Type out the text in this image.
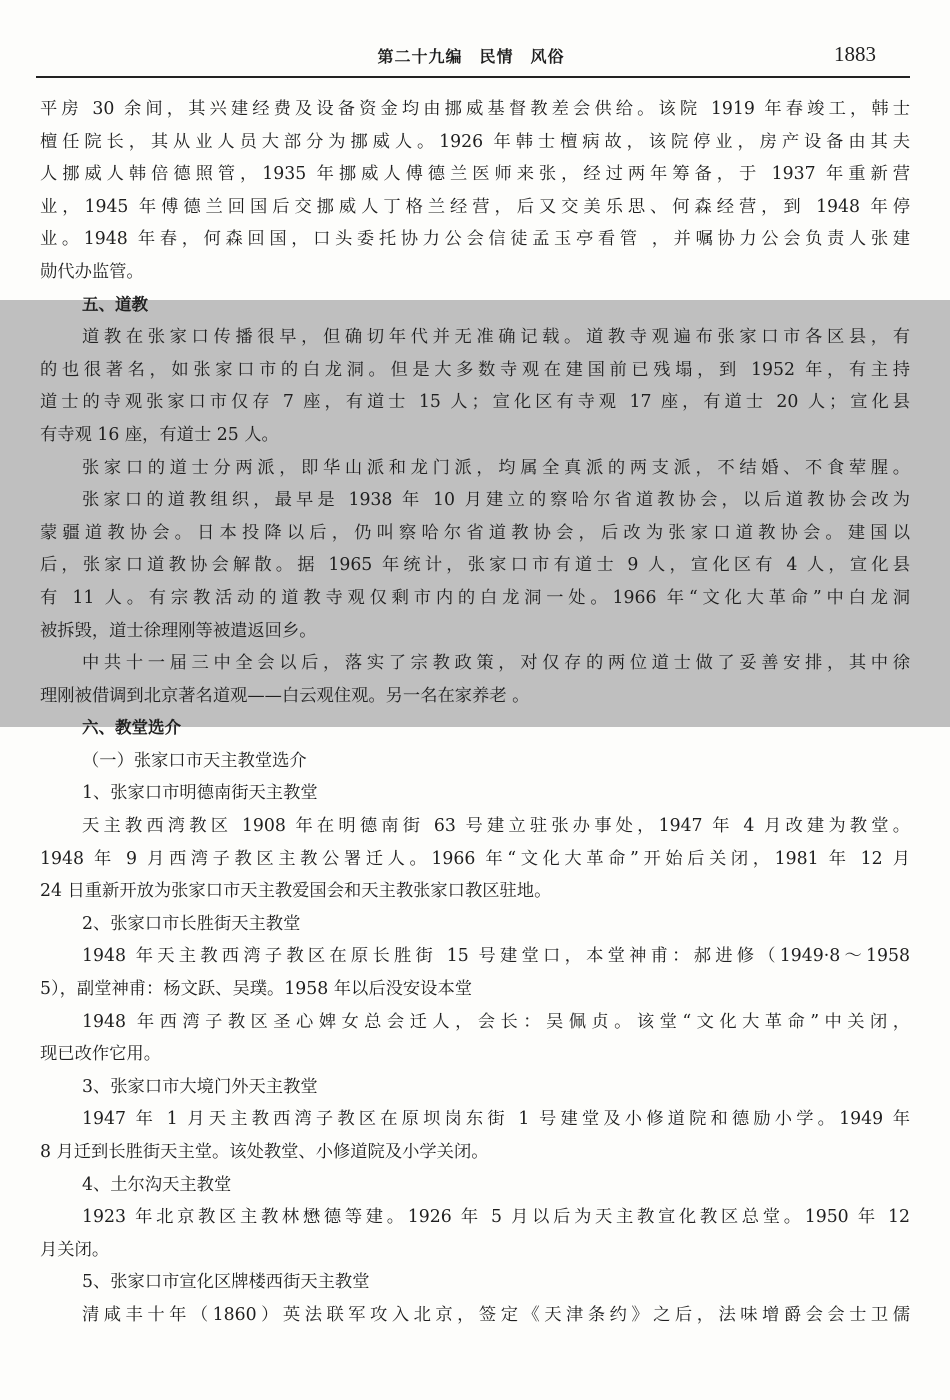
第二十九编　民情　风俗	1883
平房 30 余间，其兴建经费及设备资金均由挪威基督教差会供给。该院 1919 年春竣工，韩士
檀任院长，其从业人员大部分为挪威人。1926 年韩士檀病故，该院停业，房产设备由其夫
人挪威人韩倍德照管，1935 年挪威人傅德兰医师来张，经过两年筹备，于 1937 年重新营
业，1945 年傅德兰回国后交挪威人丁格兰经营，后又交美乐思、何森经营，到 1948 年停
业。1948 年春，何森回国，口头委托协力公会信徒孟玉亭看管 ，并嘱协力公会负责人张建
勋代办监管。
五、道教
道教在张家口传播很早，但确切年代并无准确记载。道教寺观遍布张家口市各区县，有
的也很著名，如张家口市的白龙洞。但是大多数寺观在建国前已残塌，到 1952 年，有主持
道士的寺观张家口市仅存 7 座，有道士 15 人；宣化区有寺观 17 座，有道士 20 人；宣化县
有寺观 16 座，有道士 25 人。
张家口的道士分两派，即华山派和龙门派，均属全真派的两支派，不结婚、不食荤腥。
张家口的道教组织，最早是 1938 年 10 月建立的察哈尔省道教协会，以后道教协会改为
蒙疆道教协会。日本投降以后，仍叫察哈尔省道教协会，后改为张家口道教协会。建国以
后，张家口道教协会解散。据 1965 年统计，张家口市有道士 9 人，宣化区有 4 人，宣化县
有 11 人。有宗教活动的道教寺观仅剩市内的白龙洞一处。1966 年“文化大革命”中白龙洞
被拆毁，道士徐理刚等被遣返回乡。
中共十一届三中全会以后，落实了宗教政策，对仅存的两位道士做了妥善安排，其中徐
理刚被借调到北京著名道观——白云观住观。另一名在家养老 。
六、教堂选介
（一）张家口市天主教堂选介
1、张家口市明德南街天主教堂
天主教西湾教区 1908 年在明德南街 63 号建立驻张办事处，1947 年 4 月改建为教堂。
1948 年 9 月西湾子教区主教公署迁人。1966 年“文化大革命”开始后关闭，1981 年 12 月
24 日重新开放为张家口市天主教爱国会和天主教张家口教区驻地。
2、张家口市长胜街天主教堂
1948 年天主教西湾子教区在原长胜街 15 号建堂口，本堂神甫：郝进修（1949·8～1958
5），副堂神甫：杨文跃、吴璞。1958 年以后没安设本堂
1948 年西湾子教区圣心婢女总会迁人，会长：吴佩贞。该堂“文化大革命”中关闭，
现已改作它用。
3、张家口市大境门外天主教堂
1947 年 1 月天主教西湾子教区在原坝岗东街 1 号建堂及小修道院和德励小学。1949 年
8 月迁到长胜街天主堂。该处教堂、小修道院及小学关闭。
4、土尔沟天主教堂
1923 年北京教区主教林懋德等建。1926 年 5 月以后为天主教宣化教区总堂。1950 年 12
月关闭。
5、张家口市宣化区牌楼西街天主教堂
清咸丰十年（1860）英法联军攻入北京，签定《天津条约》之后，法味增爵会会士卫儒
